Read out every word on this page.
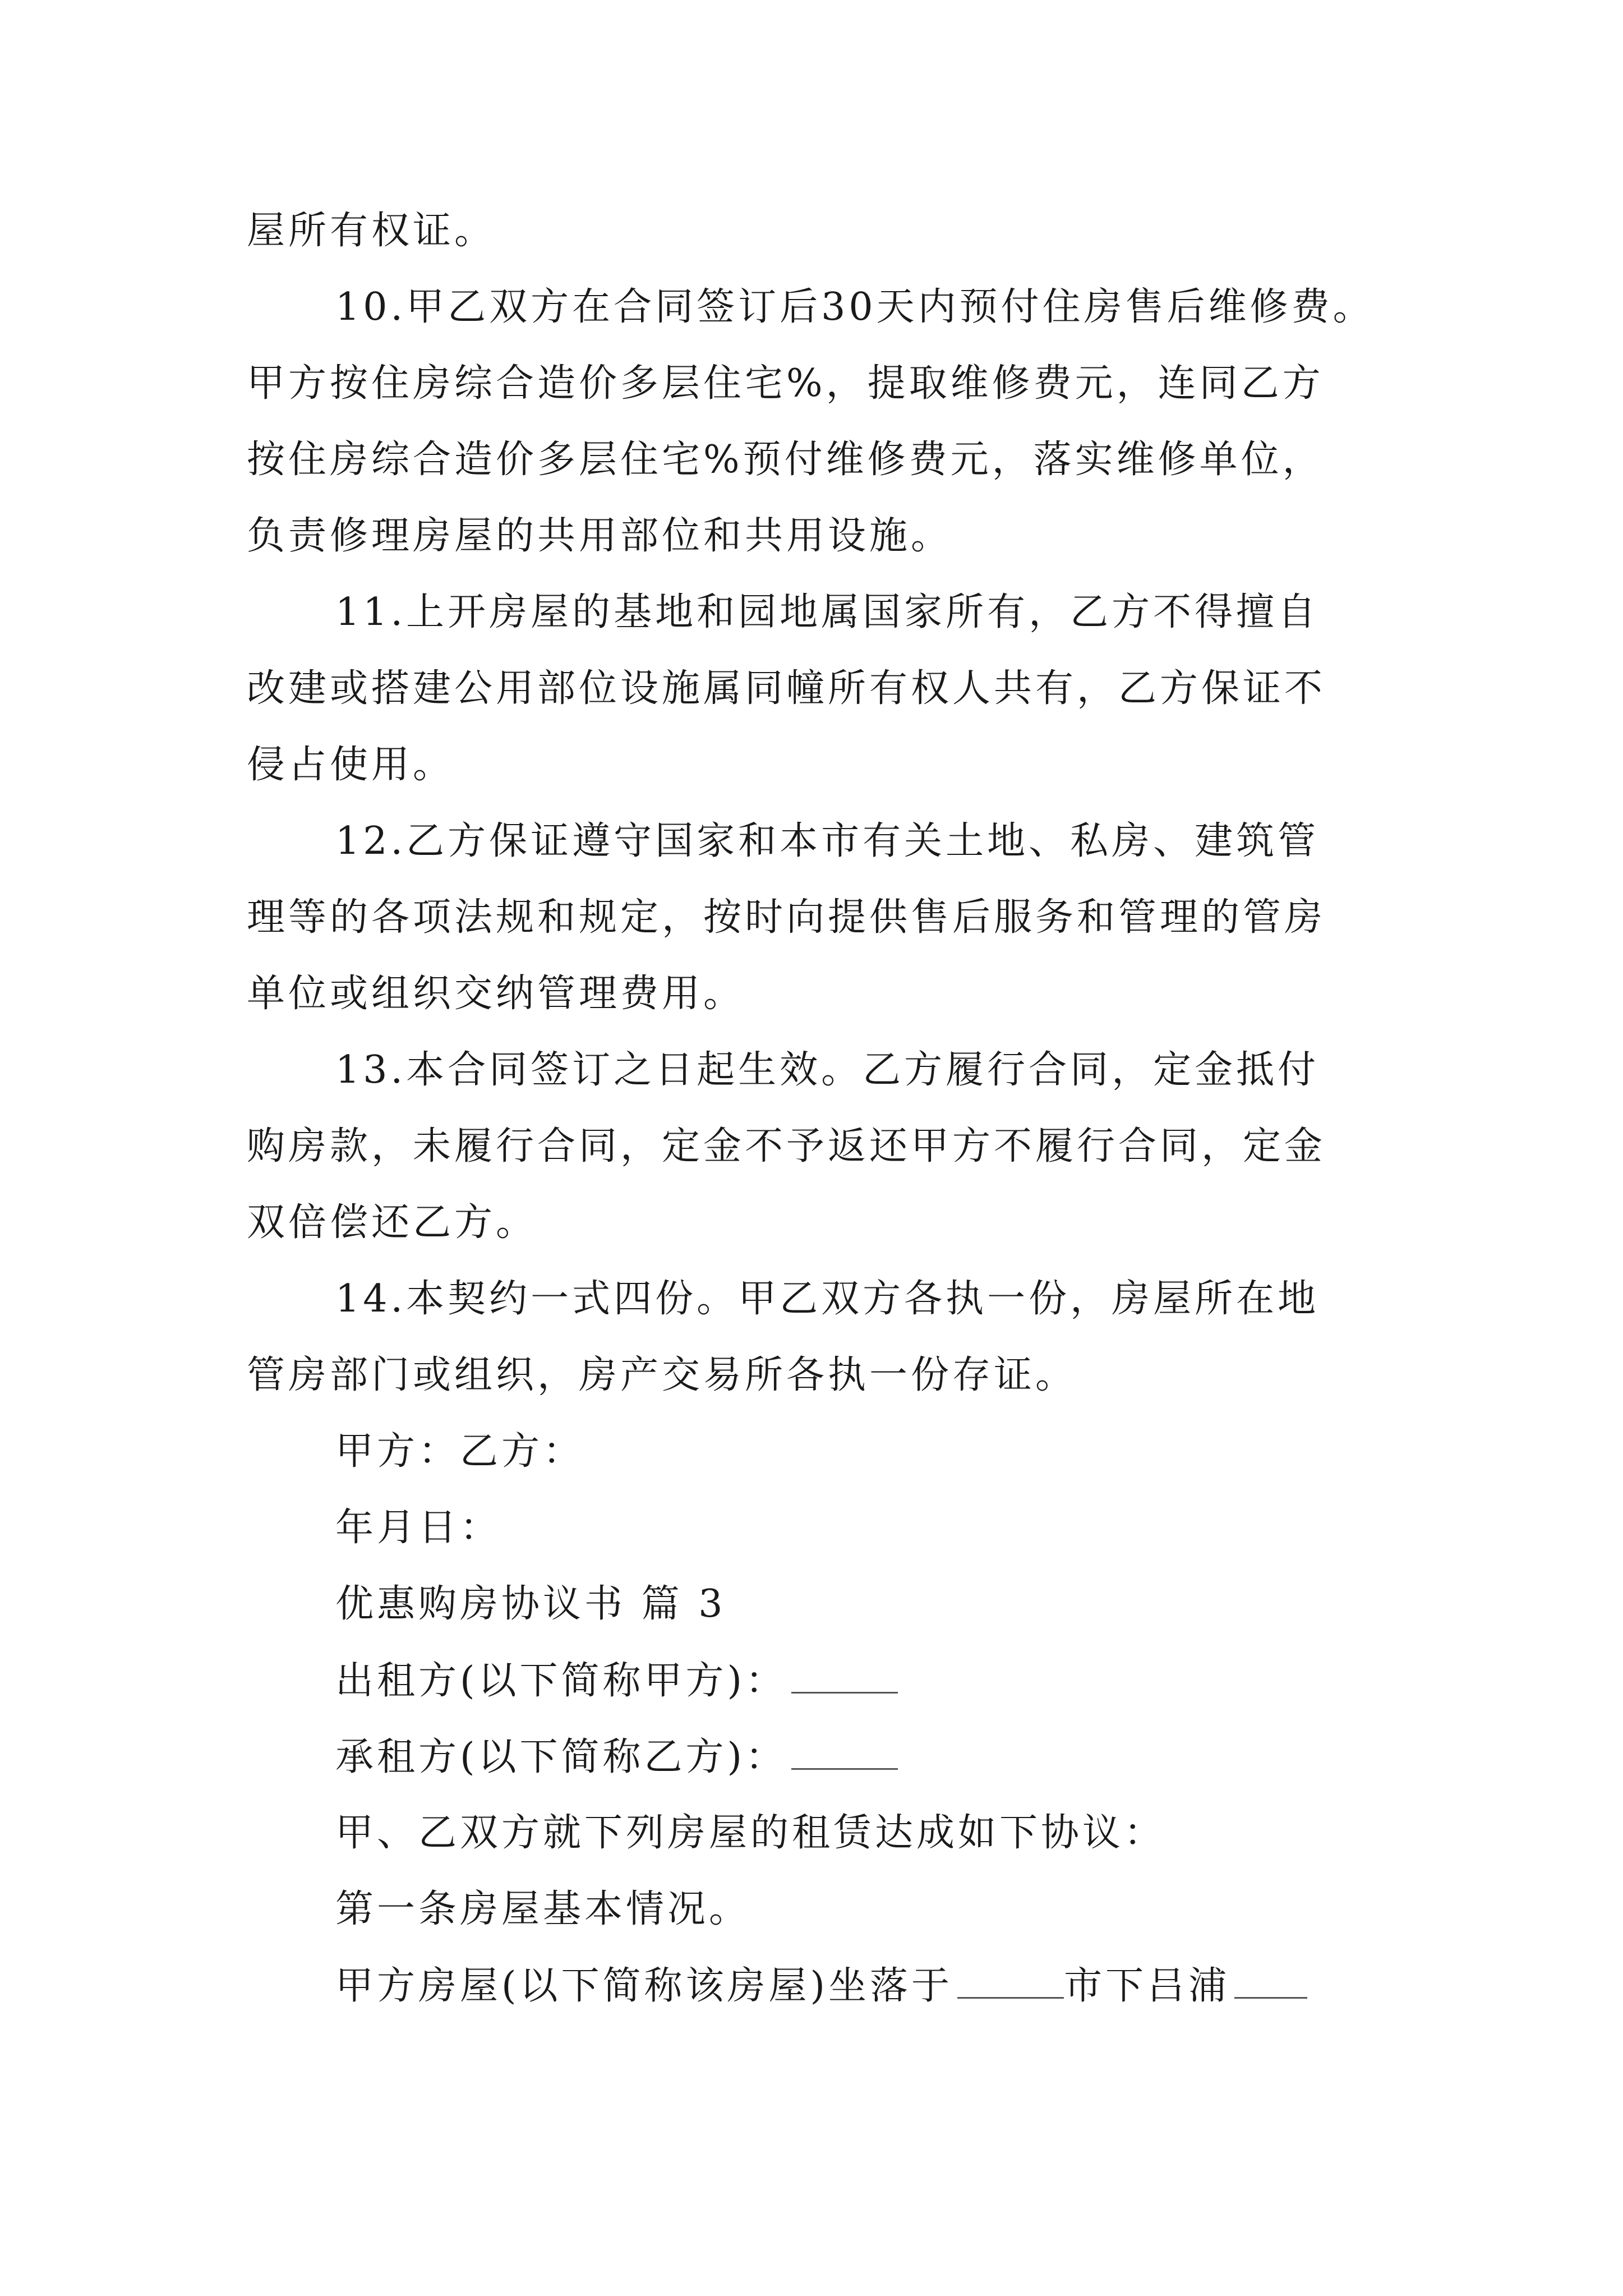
屋所有权证。
10.甲乙双方在合同签订后30天内预付住房售后维修费。
甲方按住房综合造价多层住宅%，提取维修费元，连同乙方
按住房综合造价多层住宅%预付维修费元，落实维修单位，
负责修理房屋的共用部位和共用设施。
11.上开房屋的基地和园地属国家所有，乙方不得擅自
改建或搭建公用部位设施属同幢所有权人共有，乙方保证不
侵占使用。
12.乙方保证遵守国家和本市有关土地、私房、建筑管
理等的各项法规和规定，按时向提供售后服务和管理的管房
单位或组织交纳管理费用。
13.本合同签订之日起生效。乙方履行合同，定金抵付
购房款，未履行合同，定金不予返还甲方不履行合同，定金
双倍偿还乙方。
14.本契约一式四份。甲乙双方各执一份，房屋所在地
管房部门或组织，房产交易所各执一份存证。
甲方：乙方：
年月日：
优惠购房协议书 篇 3
出租方(以下简称甲方)：
承租方(以下简称乙方)：
甲、乙双方就下列房屋的租赁达成如下协议：
第一条房屋基本情况。
甲方房屋(以下简称该房屋)坐落于	市下吕浦
